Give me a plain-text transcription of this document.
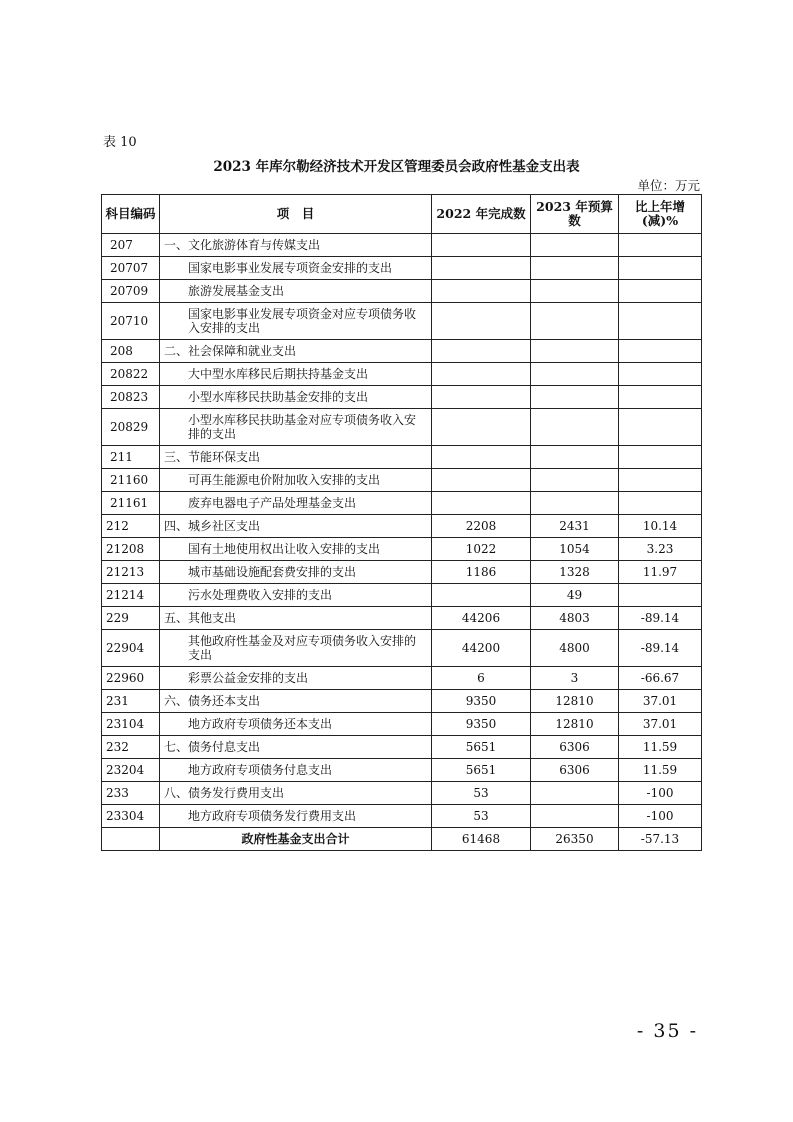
表 10
2023 年库尔勒经济技术开发区管理委员会政府性基金支出表
单位：万元
科目编码	项　目	2022 年完成数	2023 年预算数	比上年增(减)%
207	一、文化旅游体育与传媒支出			
20707	国家电影事业发展专项资金安排的支出			
20709	旅游发展基金支出			
20710	国家电影事业发展专项资金对应专项债务收入安排的支出			
208	二、社会保障和就业支出			
20822	大中型水库移民后期扶持基金支出			
20823	小型水库移民扶助基金安排的支出			
20829	小型水库移民扶助基金对应专项债务收入安排的支出			
211	三、节能环保支出			
21160	可再生能源电价附加收入安排的支出			
21161	废弃电器电子产品处理基金支出			
212	四、城乡社区支出	2208	2431	10.14
21208	国有土地使用权出让收入安排的支出	1022	1054	3.23
21213	城市基础设施配套费安排的支出	1186	1328	11.97
21214	污水处理费收入安排的支出		49	
229	五、其他支出	44206	4803	-89.14
22904	其他政府性基金及对应专项债务收入安排的支出	44200	4800	-89.14
22960	彩票公益金安排的支出	6	3	-66.67
231	六、债务还本支出	9350	12810	37.01
23104	地方政府专项债务还本支出	9350	12810	37.01
232	七、债务付息支出	5651	6306	11.59
23204	地方政府专项债务付息支出	5651	6306	11.59
233	八、债务发行费用支出	53		-100
23304	地方政府专项债务发行费用支出	53		-100
	政府性基金支出合计	61468	26350	-57.13
- 35 -
